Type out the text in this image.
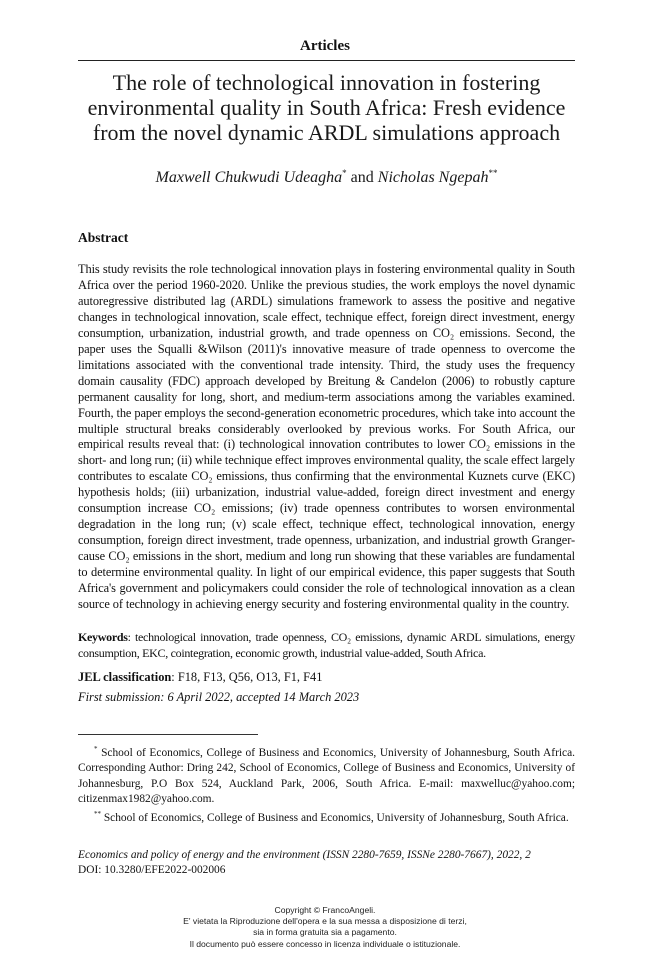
Articles
The role of technological innovation in fostering environmental quality in South Africa: Fresh evidence from the novel dynamic ARDL simulations approach
Maxwell Chukwudi Udeagha* and Nicholas Ngepah**
Abstract
This study revisits the role technological innovation plays in fostering environmental quality in South Africa over the period 1960-2020. Unlike the previous studies, the work employs the novel dynamic autoregressive distributed lag (ARDL) simulations framework to assess the positive and negative changes in technological innovation, scale effect, technique effect, foreign direct investment, energy consumption, urbanization, industrial growth, and trade openness on CO₂ emissions. Second, the paper uses the Squalli &Wilson (2011)'s innovative measure of trade openness to overcome the limitations associated with the conventional trade intensity. Third, the study uses the frequency domain causality (FDC) approach developed by Breitung & Candelon (2006) to robustly capture permanent causality for long, short, and medium-term associations among the variables examined. Fourth, the paper employs the second-generation econometric procedures, which take into account the multiple structural breaks considerably overlooked by previous works. For South Africa, our empirical results reveal that: (i) technological innovation contributes to lower CO₂ emissions in the short- and long run; (ii) while technique effect improves environmental quality, the scale effect largely contributes to escalate CO₂ emissions, thus confirming that the environmental Kuznets curve (EKC) hypothesis holds; (iii) urbanization, industrial value-added, foreign direct investment and energy consumption increase CO₂ emissions; (iv) trade openness contributes to worsen environmental degradation in the long run; (v) scale effect, technique effect, technological innovation, energy consumption, foreign direct investment, trade openness, urbanization, and industrial growth Granger-cause CO₂ emissions in the short, medium and long run showing that these variables are fundamental to determine environmental quality. In light of our empirical evidence, this paper suggests that South Africa's government and policymakers could consider the role of technological innovation as a clean source of technology in achieving energy security and fostering environmental quality in the country.
Keywords: technological innovation, trade openness, CO₂ emissions, dynamic ARDL simulations, energy consumption, EKC, cointegration, economic growth, industrial value-added, South Africa.
JEL classification: F18, F13, Q56, O13, F1, F41
First submission: 6 April 2022, accepted 14 March 2023

* School of Economics, College of Business and Economics, University of Johannesburg, South Africa. Corresponding Author: Dring 242, School of Economics, College of Business and Economics, University of Johannesburg, P.O Box 524, Auckland Park, 2006, South Africa. E-mail: maxwelluc@yahoo.com; citizenmax1982@yahoo.com.

** School of Economics, College of Business and Economics, University of Johannesburg, South Africa.

Economics and policy of energy and the environment (ISSN 2280-7659, ISSNe 2280-7667), 2022, 2
DOI: 10.3280/EFE2022-002006
Copyright © FrancoAngeli.
E' vietata la Riproduzione dell'opera e la sua messa a disposizione di terzi,
sia in forma gratuita sia a pagamento.
Il documento può essere concesso in licenza individuale o istituzionale.
